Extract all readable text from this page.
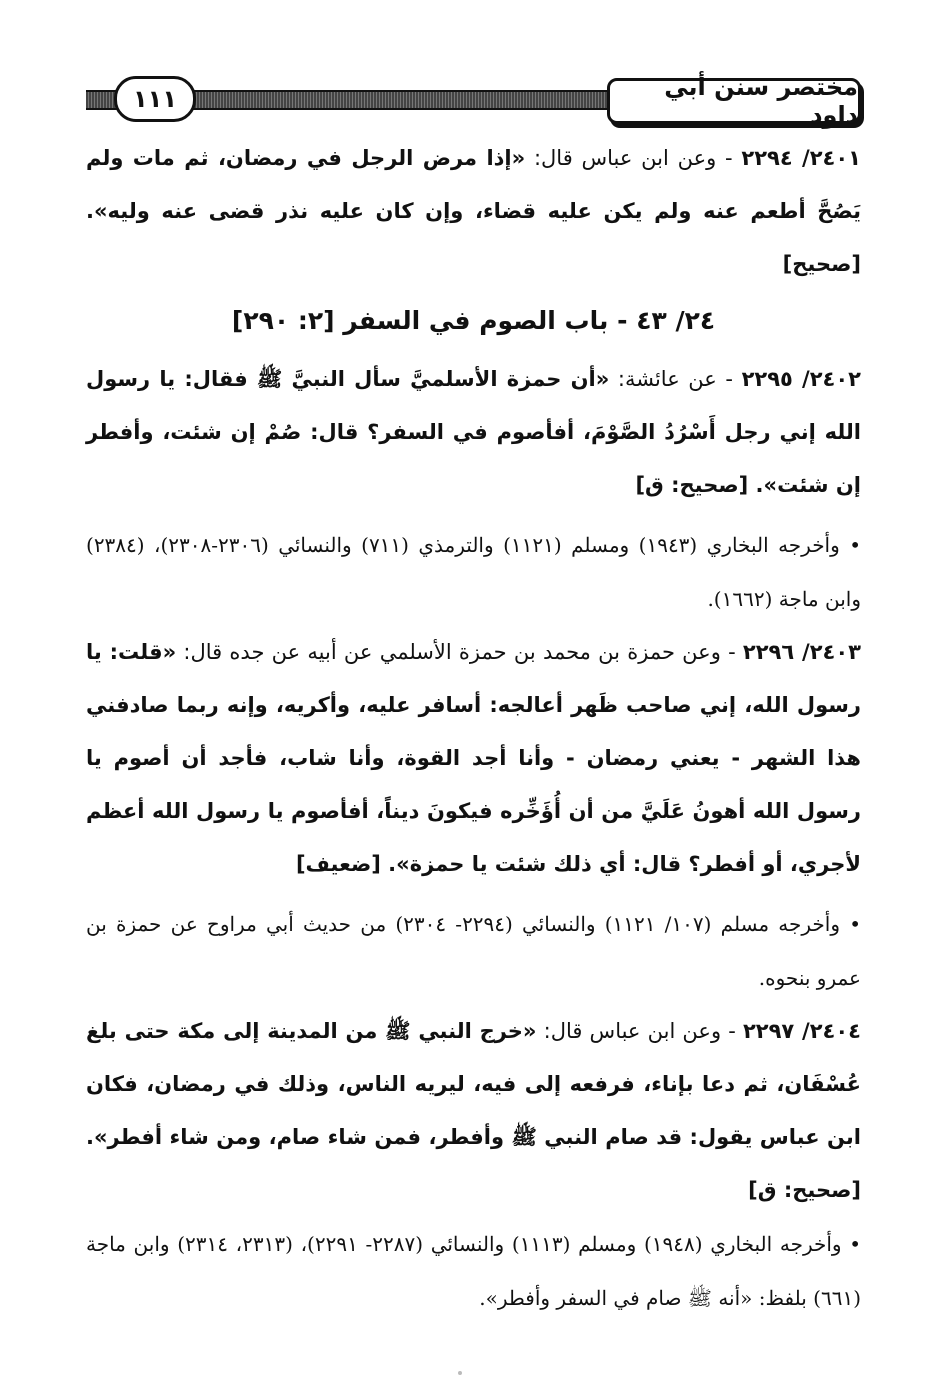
١١١	مختصر سنن أبي داود

٢٤٠١/ ٢٢٩٤ - وعن ابن عباس قال: «إذا مرض الرجل في رمضان، ثم مات ولم يَصُحَّ أطعم عنه ولم يكن عليه قضاء، وإن كان عليه نذر قضى عنه وليه». [صحيح]

٢٤/ ٤٣ - باب الصوم في السفر [٢: ٢٩٠]

٢٤٠٢/ ٢٢٩٥ - عن عائشة: «أن حمزة الأسلميَّ سأل النبيَّ ﷺ فقال: يا رسول الله إني رجل أَسْرُدُ الصَّوْمَ، أفأصوم في السفر؟ قال: صُمْ إن شئت، وأفطر إن شئت». [صحيح: ق]

• وأخرجه البخاري (١٩٤٣) ومسلم (١١٢١) والترمذي (٧١١) والنسائي (٢٣٠٦-٢٣٠٨)، (٢٣٨٤) وابن ماجة (١٦٦٢).

٢٤٠٣/ ٢٢٩٦ - وعن حمزة بن محمد بن حمزة الأسلمي عن أبيه عن جده قال: «قلت: يا رسول الله، إني صاحب ظَهر أعالجه: أسافر عليه، وأكريه، وإنه ربما صادفني هذا الشهر - يعني رمضان - وأنا أجد القوة، وأنا شاب، فأجد أن أصوم يا رسول الله أهونُ عَلَيَّ من أن أُؤَخِّره فيكونَ ديناً، أفأصوم يا رسول الله أعظم لأجري، أو أفطر؟ قال: أي ذلك شئت يا حمزة». [ضعيف]

• وأخرجه مسلم (١٠٧/ ١١٢١) والنسائي (٢٢٩٤- ٢٣٠٤) من حديث أبي مراوح عن حمزة بن عمرو بنحوه.

٢٤٠٤/ ٢٢٩٧ - وعن ابن عباس قال: «خرج النبي ﷺ من المدينة إلى مكة حتى بلغ عُسْفَان، ثم دعا بإناء، فرفعه إلى فيه، ليريه الناس، وذلك في رمضان، فكان ابن عباس يقول: قد صام النبي ﷺ وأفطر، فمن شاء صام، ومن شاء أفطر». [صحيح: ق]

• وأخرجه البخاري (١٩٤٨) ومسلم (١١١٣) والنسائي (٢٢٨٧- ٢٢٩١)، (٢٣١٣، ٢٣١٤) وابن ماجة (٦٦١) بلفظ: «أنه ﷺ صام في السفر وأفطر».
